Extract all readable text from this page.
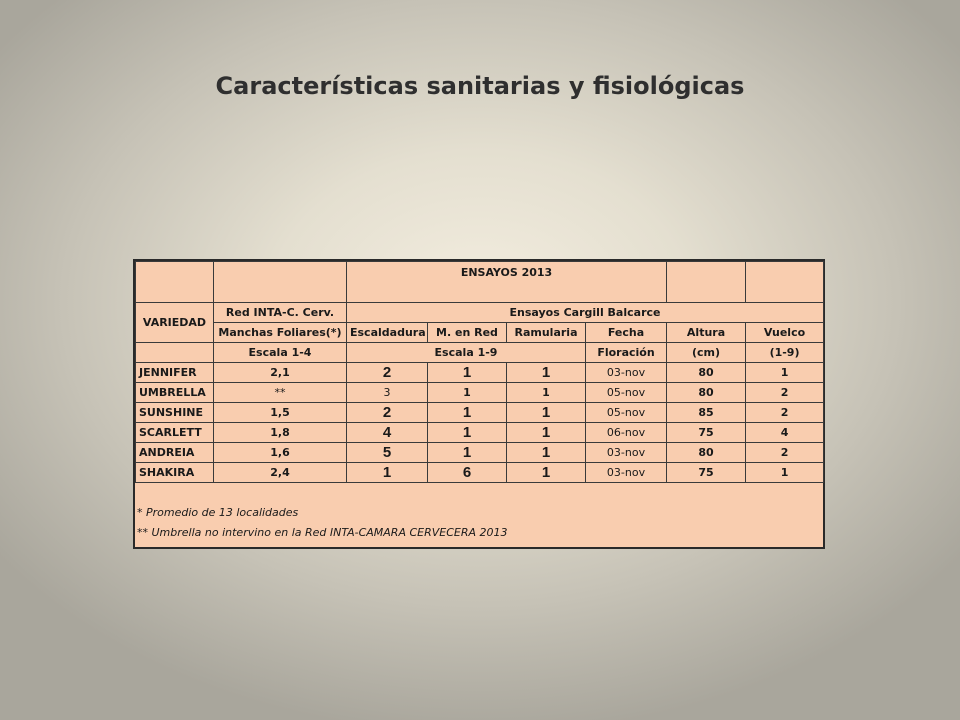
Características sanitarias y fisiológicas
		ENSAYOS 2013					
VARIEDAD	Red INTA-C. Cerv.	Ensayos Cargill Balcarce					
	Manchas Foliares(*)	Escaldadura	M. en Red	Ramularia	Fecha	Altura	Vuelco
	Escala 1-4	Escala 1-9			Floración	(cm)	(1-9)
JENNIFER	2,1	2	1	1	03-nov	80	1
UMBRELLA	**	3	1	1	05-nov	80	2
SUNSHINE	1,5	2	1	1	05-nov	85	2
SCARLETT	1,8	4	1	1	06-nov	75	4
ANDREIA	1,6	5	1	1	03-nov	80	2
SHAKIRA	2,4	1	6	1	03-nov	75	1
* Promedio de 13 localidades
** Umbrella no intervino en la Red INTA-CAMARA CERVECERA 2013
